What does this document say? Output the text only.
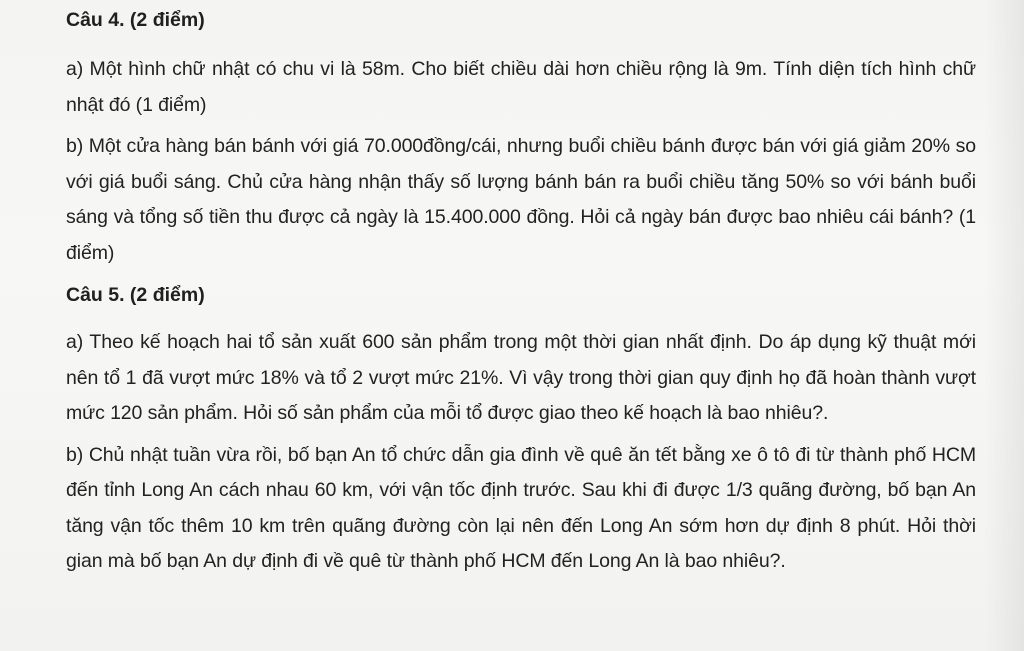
Câu 4. (2 điểm)

a) Một hình chữ nhật có chu vi là 58m. Cho biết chiều dài hơn chiều rộng là 9m. Tính diện tích hình chữ nhật đó (1 điểm)

b) Một cửa hàng bán bánh với giá 70.000đồng/cái, nhưng buổi chiều bánh được bán với giá giảm 20% so với giá buổi sáng. Chủ cửa hàng nhận thấy số lượng bánh bán ra buổi chiều tăng 50% so với bánh buổi sáng và tổng số tiền thu được cả ngày là 15.400.000 đồng. Hỏi cả ngày bán được bao nhiêu cái bánh? (1 điểm)

Câu 5. (2 điểm)

a) Theo kế hoạch hai tổ sản xuất 600 sản phẩm trong một thời gian nhất định. Do áp dụng kỹ thuật mới nên tổ 1 đã vượt mức 18% và tổ 2 vượt mức 21%. Vì vậy trong thời gian quy định họ đã hoàn thành vượt mức 120 sản phẩm. Hỏi số sản phẩm của mỗi tổ được giao theo kế hoạch là bao nhiêu?.

b) Chủ nhật tuần vừa rồi, bố bạn An tổ chức dẫn gia đình về quê ăn tết bằng xe ô tô đi từ thành phố HCM đến tỉnh Long An cách nhau 60 km, với vận tốc định trước. Sau khi đi được 1/3 quãng đường, bố bạn An tăng vận tốc thêm 10 km trên quãng đường còn lại nên đến Long An sớm hơn dự định 8 phút. Hỏi thời gian mà bố bạn An dự định đi về quê từ thành phố HCM đến Long An là bao nhiêu?.
